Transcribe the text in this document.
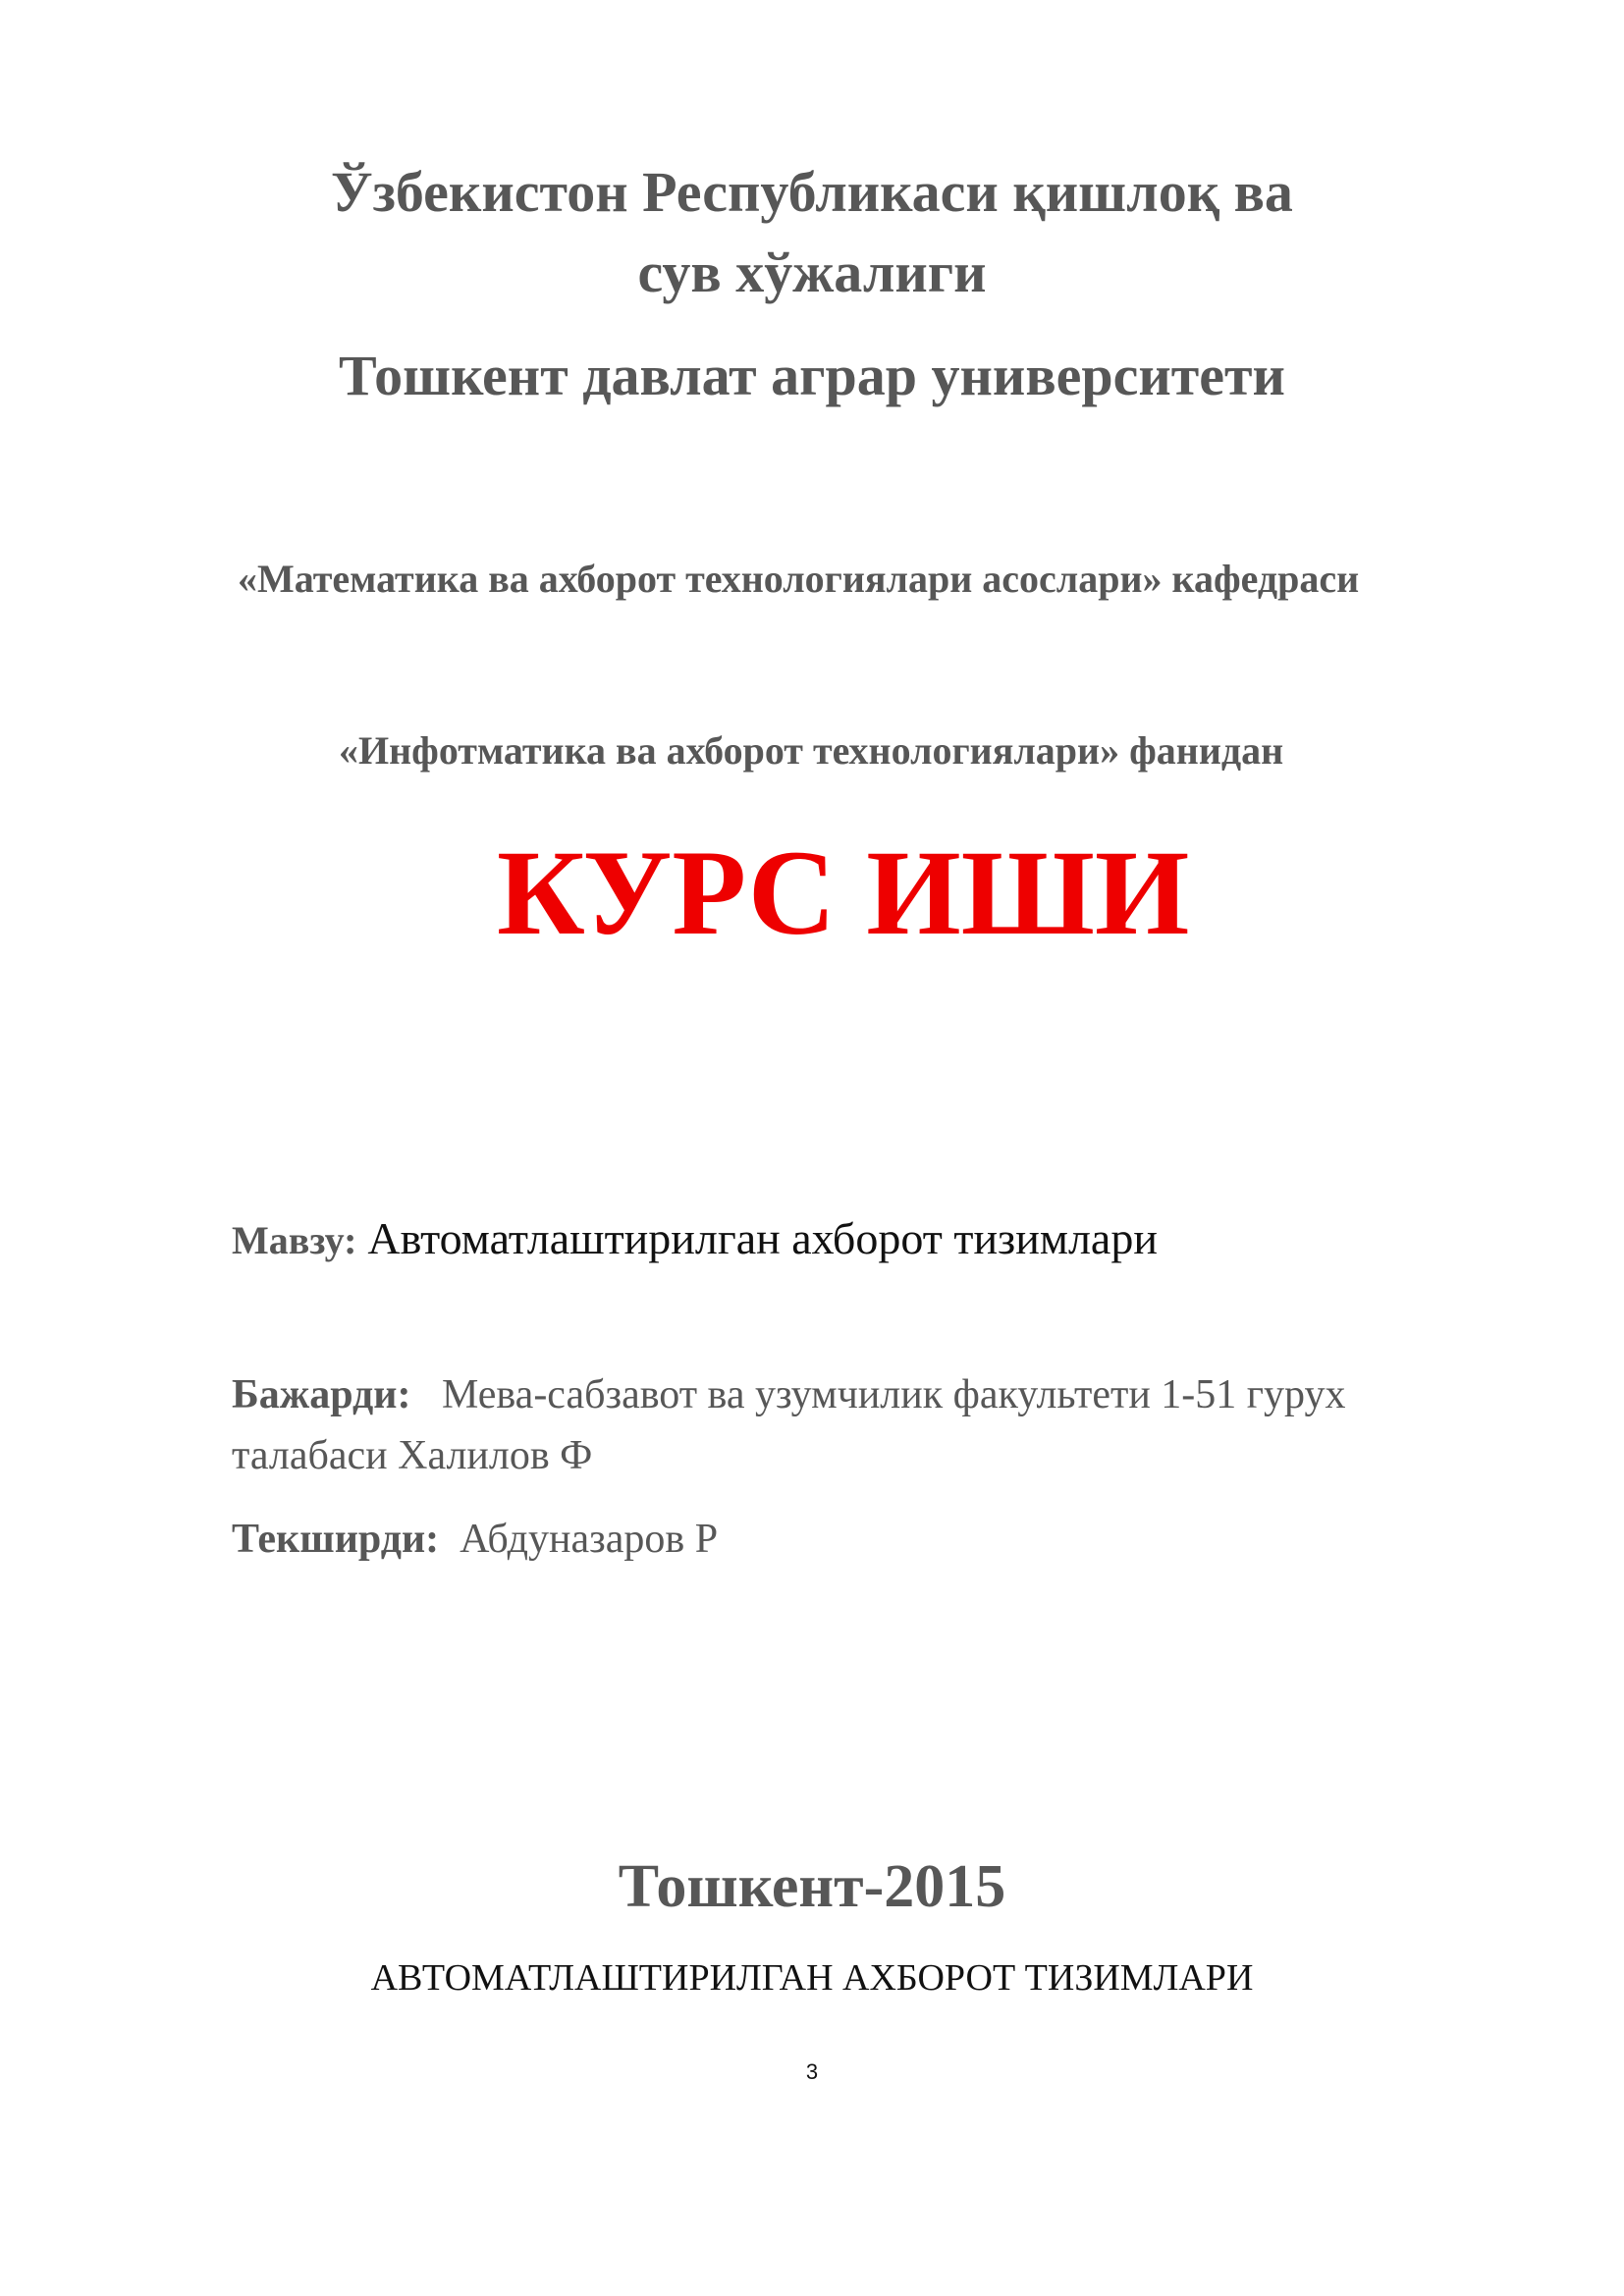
Ўзбекистон Республикаси қишлоқ ва
сув хўжалиги
Тошкент давлат аграр университети
«Математика ва ахборот технологиялари асослари» кафедраси
«Инфотматика ва ахборот технологиялари» фанидан
КУРС ИШИ
Мавзу: Автоматлаштирилган ахборот тизимлари
Бажарди: Мева-сабзавот ва узумчилик факультети 1-51 гурух талабаси Халилов Ф
Текширди: Абдуназаров Р
Тошкент-2015
АВТОМАТЛАШТИРИЛГАН АХБОРОТ ТИЗИМЛАРИ
3
